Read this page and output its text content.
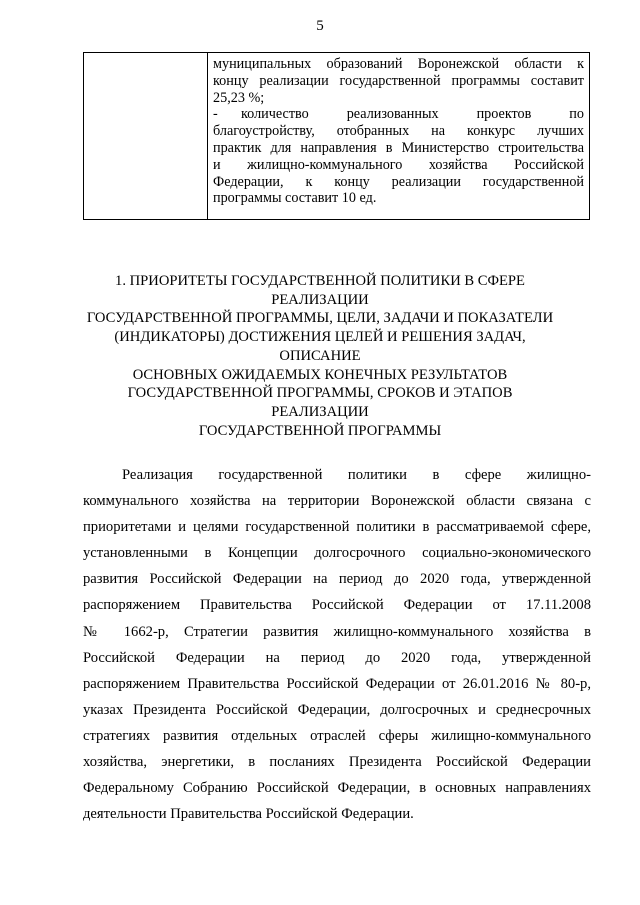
5
муниципальных образований Воронежской области к
концу реализации государственной программы составит
25,23 %;
- количество реализованных проектов по
благоустройству, отобранных на конкурс лучших
практик для направления в Министерство строительства
и жилищно-коммунального хозяйства Российской
Федерации, к концу реализации государственной
программы составит 10 ед.
1. ПРИОРИТЕТЫ ГОСУДАРСТВЕННОЙ ПОЛИТИКИ В СФЕРЕ
РЕАЛИЗАЦИИ
ГОСУДАРСТВЕННОЙ ПРОГРАММЫ, ЦЕЛИ, ЗАДАЧИ И ПОКАЗАТЕЛИ
(ИНДИКАТОРЫ) ДОСТИЖЕНИЯ ЦЕЛЕЙ И РЕШЕНИЯ ЗАДАЧ,
ОПИСАНИЕ
ОСНОВНЫХ ОЖИДАЕМЫХ КОНЕЧНЫХ РЕЗУЛЬТАТОВ
ГОСУДАРСТВЕННОЙ ПРОГРАММЫ, СРОКОВ И ЭТАПОВ
РЕАЛИЗАЦИИ
ГОСУДАРСТВЕННОЙ ПРОГРАММЫ
Реализация государственной политики в сфере жилищно-
коммунального хозяйства на территории Воронежской области связана с
приоритетами и целями государственной политики в рассматриваемой сфере,
установленными в Концепции долгосрочного социально-экономического
развития Российской Федерации на период до 2020 года, утвержденной
распоряжением Правительства Российской Федерации от 17.11.2008
№ 1662-р, Стратегии развития жилищно-коммунального хозяйства в
Российской Федерации на период до 2020 года, утвержденной
распоряжением Правительства Российской Федерации от 26.01.2016 № 80-р,
указах Президента Российской Федерации, долгосрочных и среднесрочных
стратегиях развития отдельных отраслей сферы жилищно-коммунального
хозяйства, энергетики, в посланиях Президента Российской Федерации
Федеральному Собранию Российской Федерации, в основных направлениях
деятельности Правительства Российской Федерации.
